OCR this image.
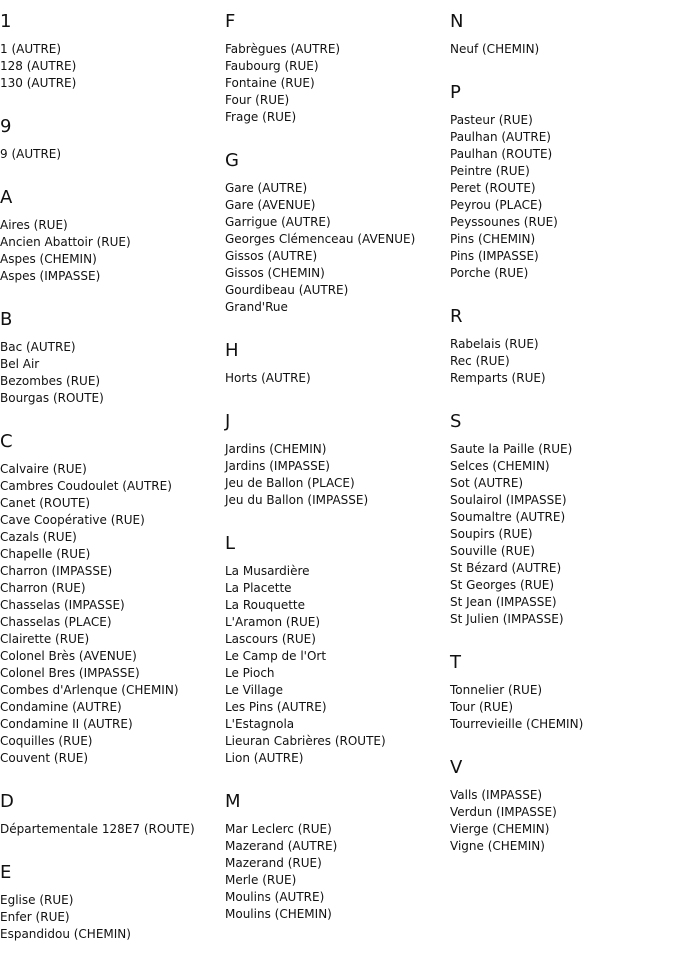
1
1 (AUTRE)
128 (AUTRE)
130 (AUTRE)
9
9 (AUTRE)
A
Aires (RUE)
Ancien Abattoir (RUE)
Aspes (CHEMIN)
Aspes (IMPASSE)
B
Bac (AUTRE)
Bel Air
Bezombes (RUE)
Bourgas (ROUTE)
C
Calvaire (RUE)
Cambres Coudoulet (AUTRE)
Canet (ROUTE)
Cave Coopérative (RUE)
Cazals (RUE)
Chapelle (RUE)
Charron (IMPASSE)
Charron (RUE)
Chasselas (IMPASSE)
Chasselas (PLACE)
Clairette (RUE)
Colonel Brès (AVENUE)
Colonel Bres (IMPASSE)
Combes d'Arlenque (CHEMIN)
Condamine (AUTRE)
Condamine II (AUTRE)
Coquilles (RUE)
Couvent (RUE)
D
Départementale 128E7 (ROUTE)
E
Eglise (RUE)
Enfer (RUE)
Espandidou (CHEMIN)
F
Fabrègues (AUTRE)
Faubourg (RUE)
Fontaine (RUE)
Four (RUE)
Frage (RUE)
G
Gare (AUTRE)
Gare (AVENUE)
Garrigue (AUTRE)
Georges Clémenceau (AVENUE)
Gissos (AUTRE)
Gissos (CHEMIN)
Gourdibeau (AUTRE)
Grand'Rue
H
Horts (AUTRE)
J
Jardins (CHEMIN)
Jardins (IMPASSE)
Jeu de Ballon (PLACE)
Jeu du Ballon (IMPASSE)
L
La Musardière
La Placette
La Rouquette
L'Aramon (RUE)
Lascours (RUE)
Le Camp de l'Ort
Le Pioch
Le Village
Les Pins (AUTRE)
L'Estagnola
Lieuran Cabrières (ROUTE)
Lion (AUTRE)
M
Mar Leclerc (RUE)
Mazerand (AUTRE)
Mazerand (RUE)
Merle (RUE)
Moulins (AUTRE)
Moulins (CHEMIN)
N
Neuf (CHEMIN)
P
Pasteur (RUE)
Paulhan (AUTRE)
Paulhan (ROUTE)
Peintre (RUE)
Peret (ROUTE)
Peyrou (PLACE)
Peyssounes (RUE)
Pins (CHEMIN)
Pins (IMPASSE)
Porche (RUE)
R
Rabelais (RUE)
Rec (RUE)
Remparts (RUE)
S
Saute la Paille (RUE)
Selces (CHEMIN)
Sot (AUTRE)
Soulairol (IMPASSE)
Soumaltre (AUTRE)
Soupirs (RUE)
Souville (RUE)
St Bézard (AUTRE)
St Georges (RUE)
St Jean (IMPASSE)
St Julien (IMPASSE)
T
Tonnelier (RUE)
Tour (RUE)
Tourrevieille (CHEMIN)
V
Valls (IMPASSE)
Verdun (IMPASSE)
Vierge (CHEMIN)
Vigne (CHEMIN)
